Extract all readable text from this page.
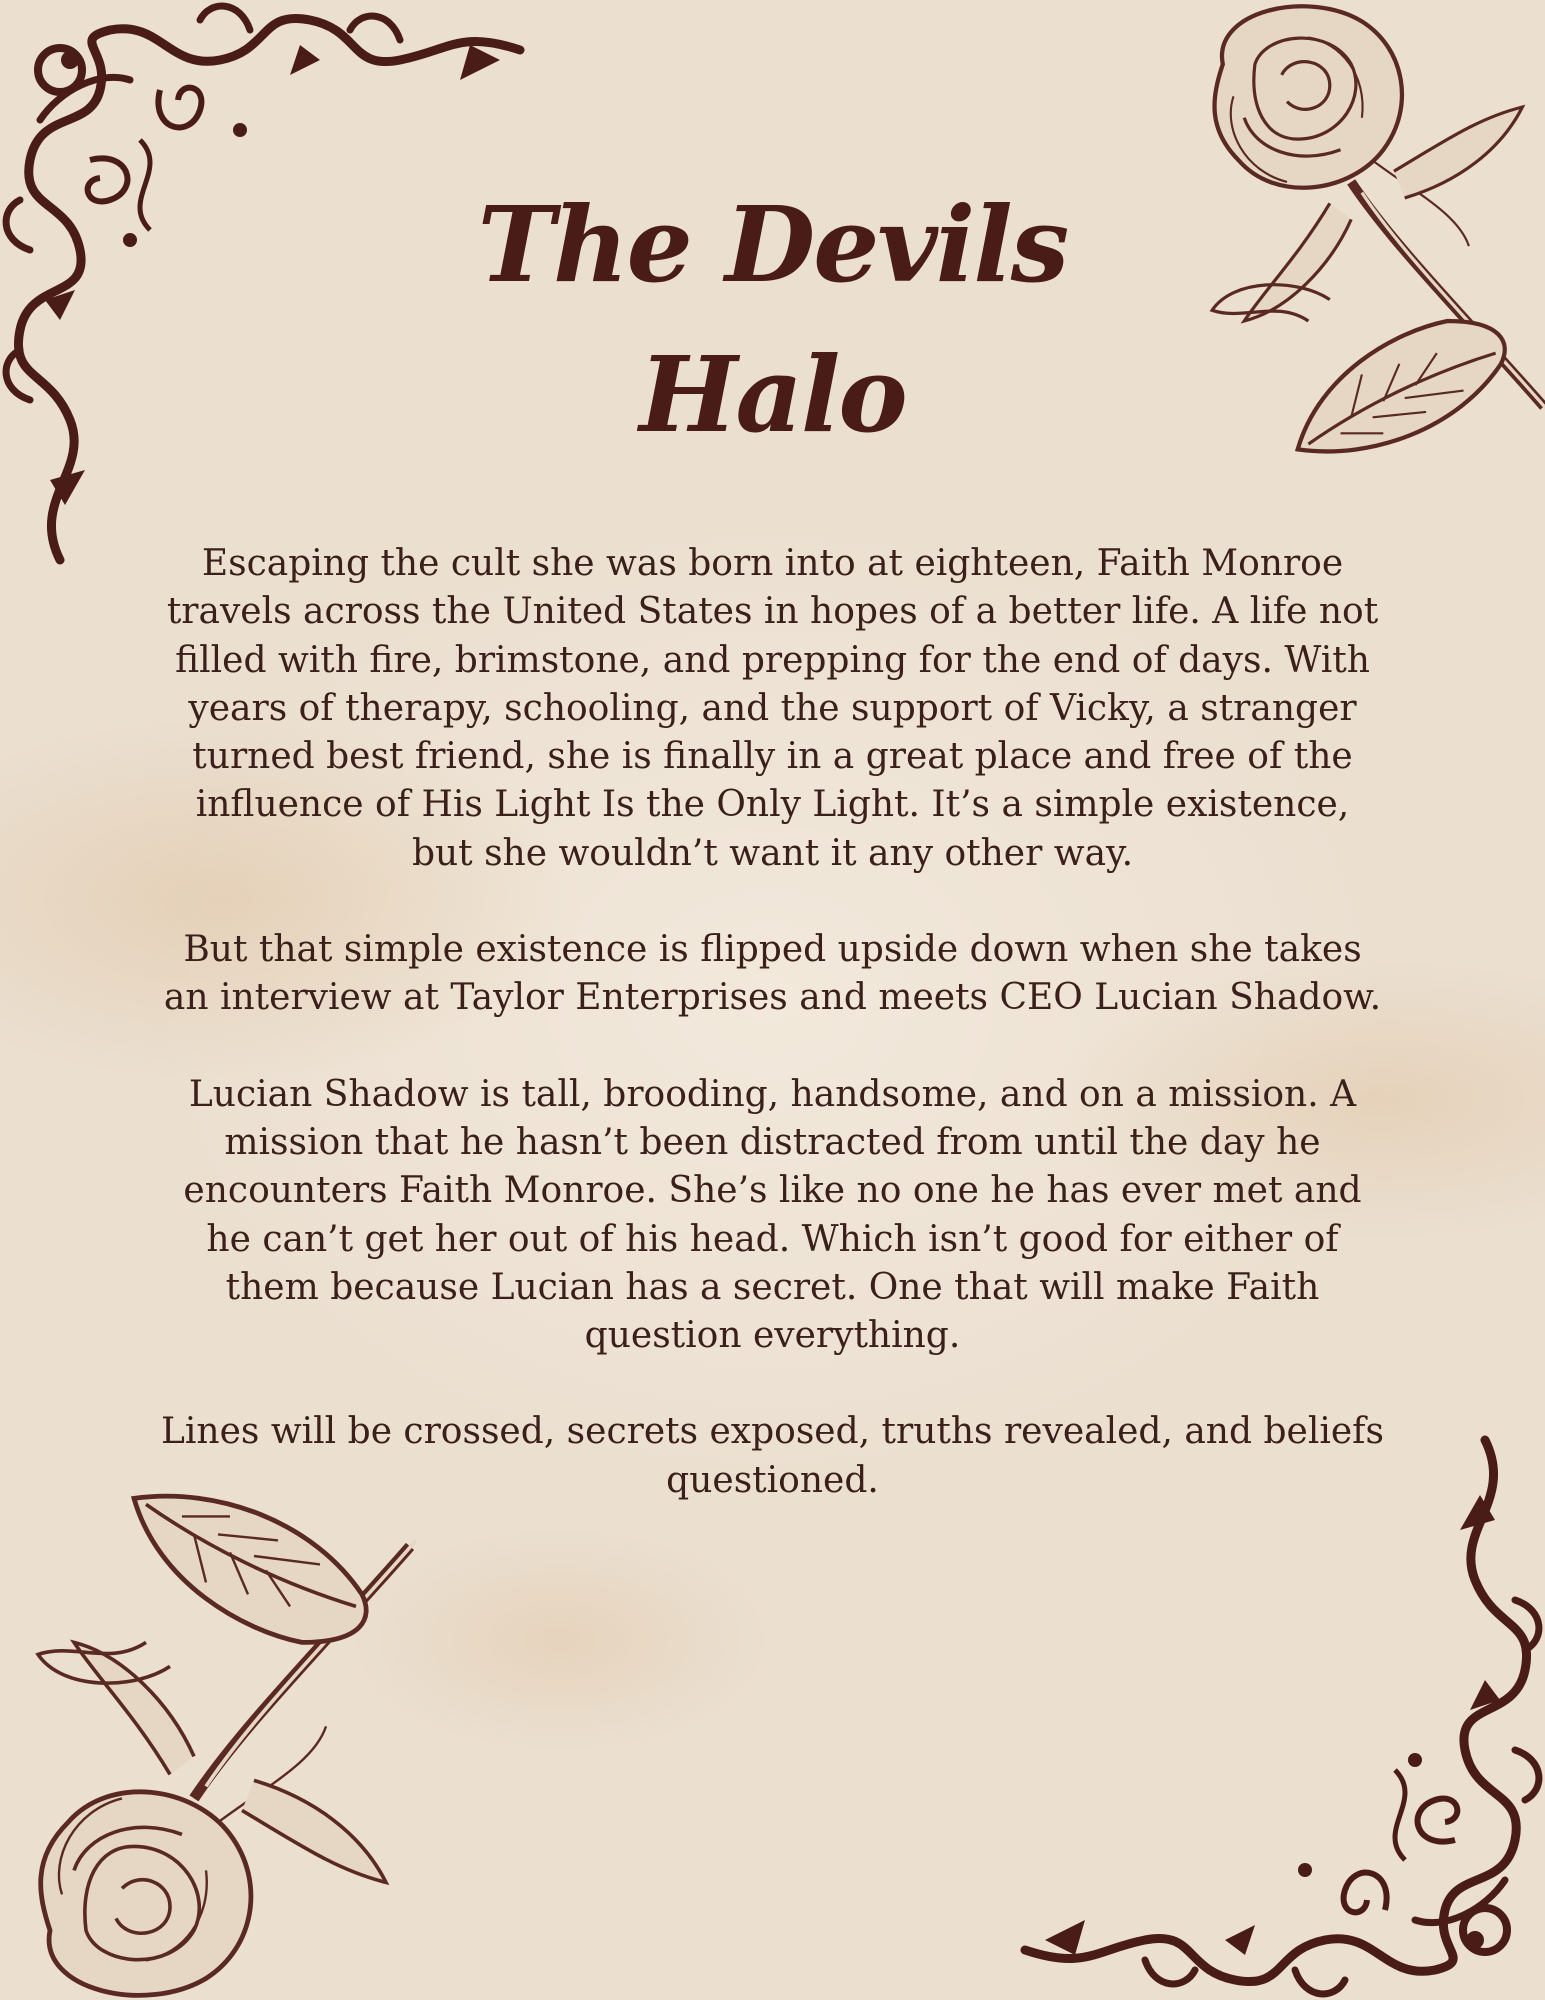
The Devils
Halo

Escaping the cult she was born into at eighteen, Faith Monroe travels across the United States in hopes of a better life. A life not filled with fire, brimstone, and prepping for the end of days. With years of therapy, schooling, and the support of Vicky, a stranger turned best friend, she is finally in a great place and free of the influence of His Light Is the Only Light. It’s a simple existence, but she wouldn’t want it any other way.

But that simple existence is flipped upside down when she takes an interview at Taylor Enterprises and meets CEO Lucian Shadow.

Lucian Shadow is tall, brooding, handsome, and on a mission. A mission that he hasn’t been distracted from until the day he encounters Faith Monroe. She’s like no one he has ever met and he can’t get her out of his head. Which isn’t good for either of them because Lucian has a secret. One that will make Faith question everything.

Lines will be crossed, secrets exposed, truths revealed, and beliefs questioned.
